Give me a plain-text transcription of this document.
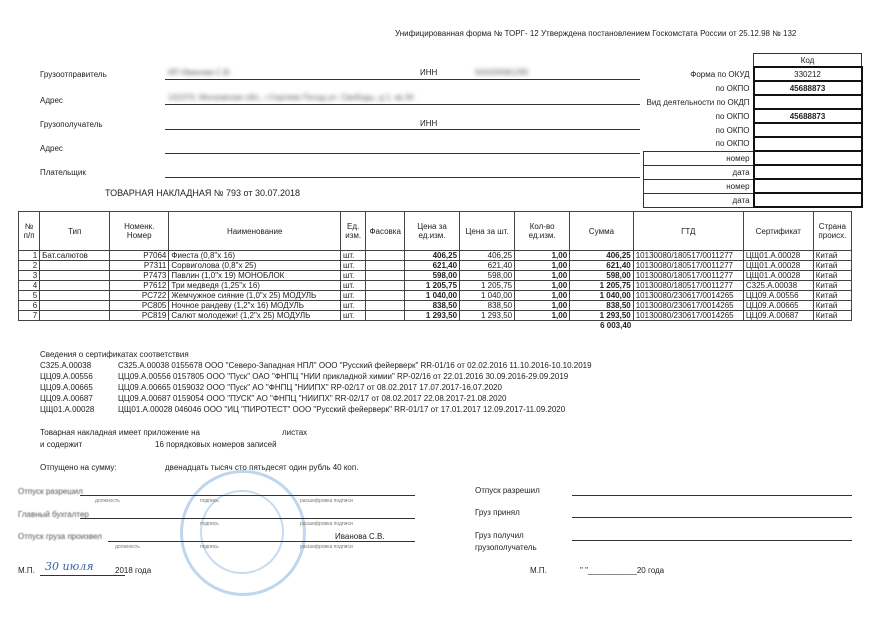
Унифицированная форма № ТОРГ- 12 Утверждена постановлением Госкомстата России от 25.12.98 № 132
	Код
Форма по ОКУД	330212
по ОКПО	45688873
Вид деятельности по ОКДП	
по ОКПО	45688873
по ОКПО	
по ОКПО	
номер	
дата	
номер	
дата	
Грузоотправитель	ИП Иванова С.В.	ИНН	504200081295
Адрес	141070, Московская обл., г.Сергиев Посад ул. Свободы, д.1, кв.34
Грузополучатель	ИНН
Адрес
Плательщик
ТОВАРНАЯ НАКЛАДНАЯ № 793 от 30.07.2018
№ п/п	Тип	Номенк. Номер	Наименование	Ед. изм.	Фасовка	Цена за ед.изм.	Цена за шт.	Кол-во ед.изм.	Сумма	ГТД	Сертификат	Страна происх.
1	Бат.салютов	P7064	Фиеста (0,8"х 16)	шт.		406,25	406,25	1,00	406,25	10130080/180517/0011277	ЦЩ01.А.00028	Китай
2		P7311	Сорвиголова (0,8"х 25)	шт.		621,40	621,40	1,00	621,40	10130080/180517/0011277	ЦЩ01.А.00028	Китай
3		P7473	Павлин (1,0"х 19) МОНОБЛОК	шт.		598,00	598,00	1,00	598,00	10130080/180517/0011277	ЦЩ01.А.00028	Китай
4		P7612	Три медведя (1,25"х 16)	шт.		1 205,75	1 205,75	1,00	1 205,75	10130080/180517/0011277	С325.А.00038	Китай
5		PC722	Жемчужное сияние (1,0"х 25) МОДУЛЬ	шт.		1 040,00	1 040,00	1,00	1 040,00	10130080/230617/0014265	ЦЦ09.А.00556	Китай
6		PC805	Ночное рандеву (1,2"х 16) МОДУЛЬ	шт.		838,50	838,50	1,00	838,50	10130080/230617/0014265	ЦЦ09.А.00665	Китай
7		PC819	Салют молодежи! (1,2"х 25) МОДУЛЬ	шт.		1 293,50	1 293,50	1,00	1 293,50	10130080/230617/0014265	ЦЦ09.А.00687	Китай
									6 003,40			
Сведения о сертификатах соответствия
С325.А.00038	С325.А.00038 0155678 ООО "Северо-Западная НПЛ" ООО "Русский фейерверк" RR-01/16 от 02.02.2016 11.10.2016-10.10.2019
ЦЦ09.А.00556	ЦЦ09.А.00556 0157805 ООО "Пуск" ОАО "ФНПЦ "НИИ прикладной химии" RP-02/16 от 22.01.2016 30.09.2016-29.09.2019
ЦЦ09.А.00665	ЦЦ09.А.00665 0159032 ООО "Пуск" АО "ФНПЦ "НИИПХ" RP-02/17 от 08.02.2017 17.07.2017-16.07.2020
ЦЦ09.А.00687	ЦЦ09.А.00687 0159054 ООО "ПУСК" АО "ФНПЦ "НИИПХ" RR-02/17 от 08.02.2017 22.08.2017-21.08.2020
ЦЩ01.А.00028	ЦЩ01.А.00028 046046 ООО "ИЦ "ПИРОТЕСТ" ООО "Русский фейерверк" RR-01/17 от 17.01.2017 12.09.2017-11.09.2020
Товарная накладная имеет приложение на	листах
и содержит	16 порядковых номеров записей
Отпущено на сумму:	двенадцать тысяч сто пятьдесят один рубль 40 коп.
Отпуск разрешил
должность	подпись	расшифровка подписи
Главный бухгалтер
подпись	расшифровка подписи
Отпуск груза произвел	Иванова С.В.
должность	подпись	расшифровка подписи
М.П. 30 июля	2018 года
Отпуск разрешил
Груз принял
Груз получил
грузополучатель
М.П.	" "___________20 года
